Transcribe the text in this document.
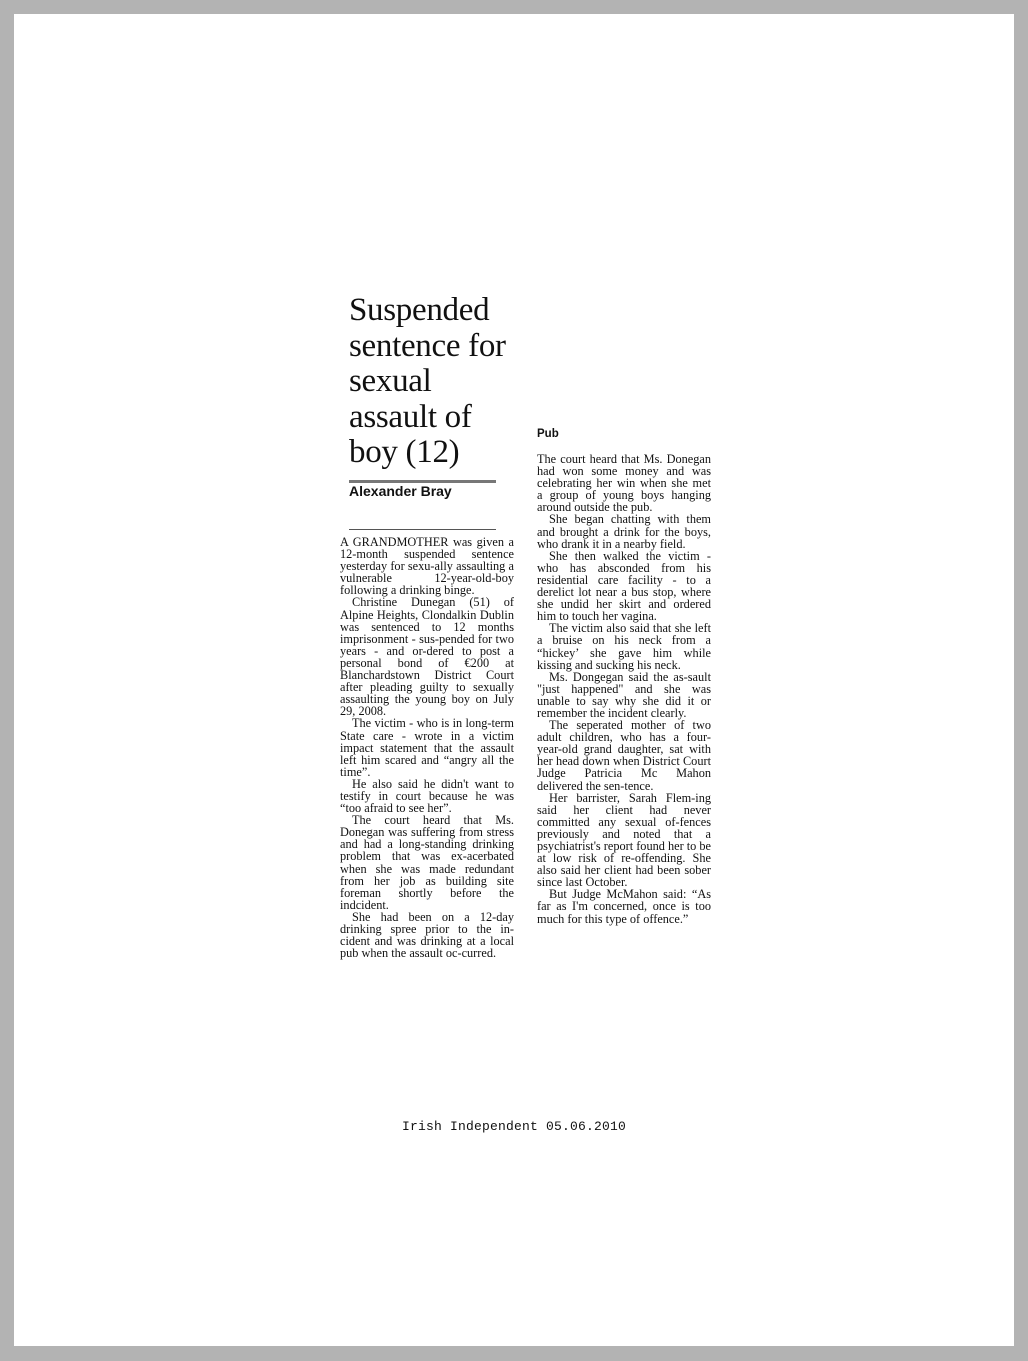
Suspended sentence for sexual assault of boy (12)
Alexander Bray

A GRANDMOTHER was given a 12-month suspended sentence yesterday for sexu-ally assaulting a vulnerable 12-year-old-boy following a drinking binge.

Christine Dunegan (51) of Alpine Heights, Clondalkin Dublin was sentenced to 12 months imprisonment - sus-pended for two years - and or-dered to post a personal bond of €200 at Blanchardstown District Court after pleading guilty to sexually assaulting the young boy on July 29, 2008.

The victim - who is in long-term State care - wrote in a victim impact statement that the assault left him scared and “angry all the time”.

He also said he didn't want to testify in court because he was “too afraid to see her”.

The court heard that Ms. Donegan was suffering from stress and had a long-standing drinking problem that was ex-acerbated when she was made redundant from her job as building site foreman shortly before the indcident.

She had been on a 12-day drinking spree prior to the in-cident and was drinking at a local pub when the assault oc-curred.

Pub

The court heard that Ms. Donegan had won some money and was celebrating her win when she met a group of young boys hanging around outside the pub.

She began chatting with them and brought a drink for the boys, who drank it in a nearby field.

She then walked the victim - who has absconded from his residential care facility - to a derelict lot near a bus stop, where she undid her skirt and ordered him to touch her vagina.

The victim also said that she left a bruise on his neck from a “hickey’ she gave him while kissing and sucking his neck.

Ms. Dongegan said the as-sault "just happened" and she was unable to say why she did it or remember the incident clearly.

The seperated mother of two adult children, who has a four-year-old grand daughter, sat with her head down when District Court Judge Patricia Mc Mahon delivered the sen-tence.

Her barrister, Sarah Flem-ing said her client had never committed any sexual of-fences previously and noted that a psychiatrist's report found her to be at low risk of re-offending. She also said her client had been sober since last October.

But Judge McMahon said: “As far as I'm concerned, once is too much for this type of offence.”

Irish Independent 05.06.2010
